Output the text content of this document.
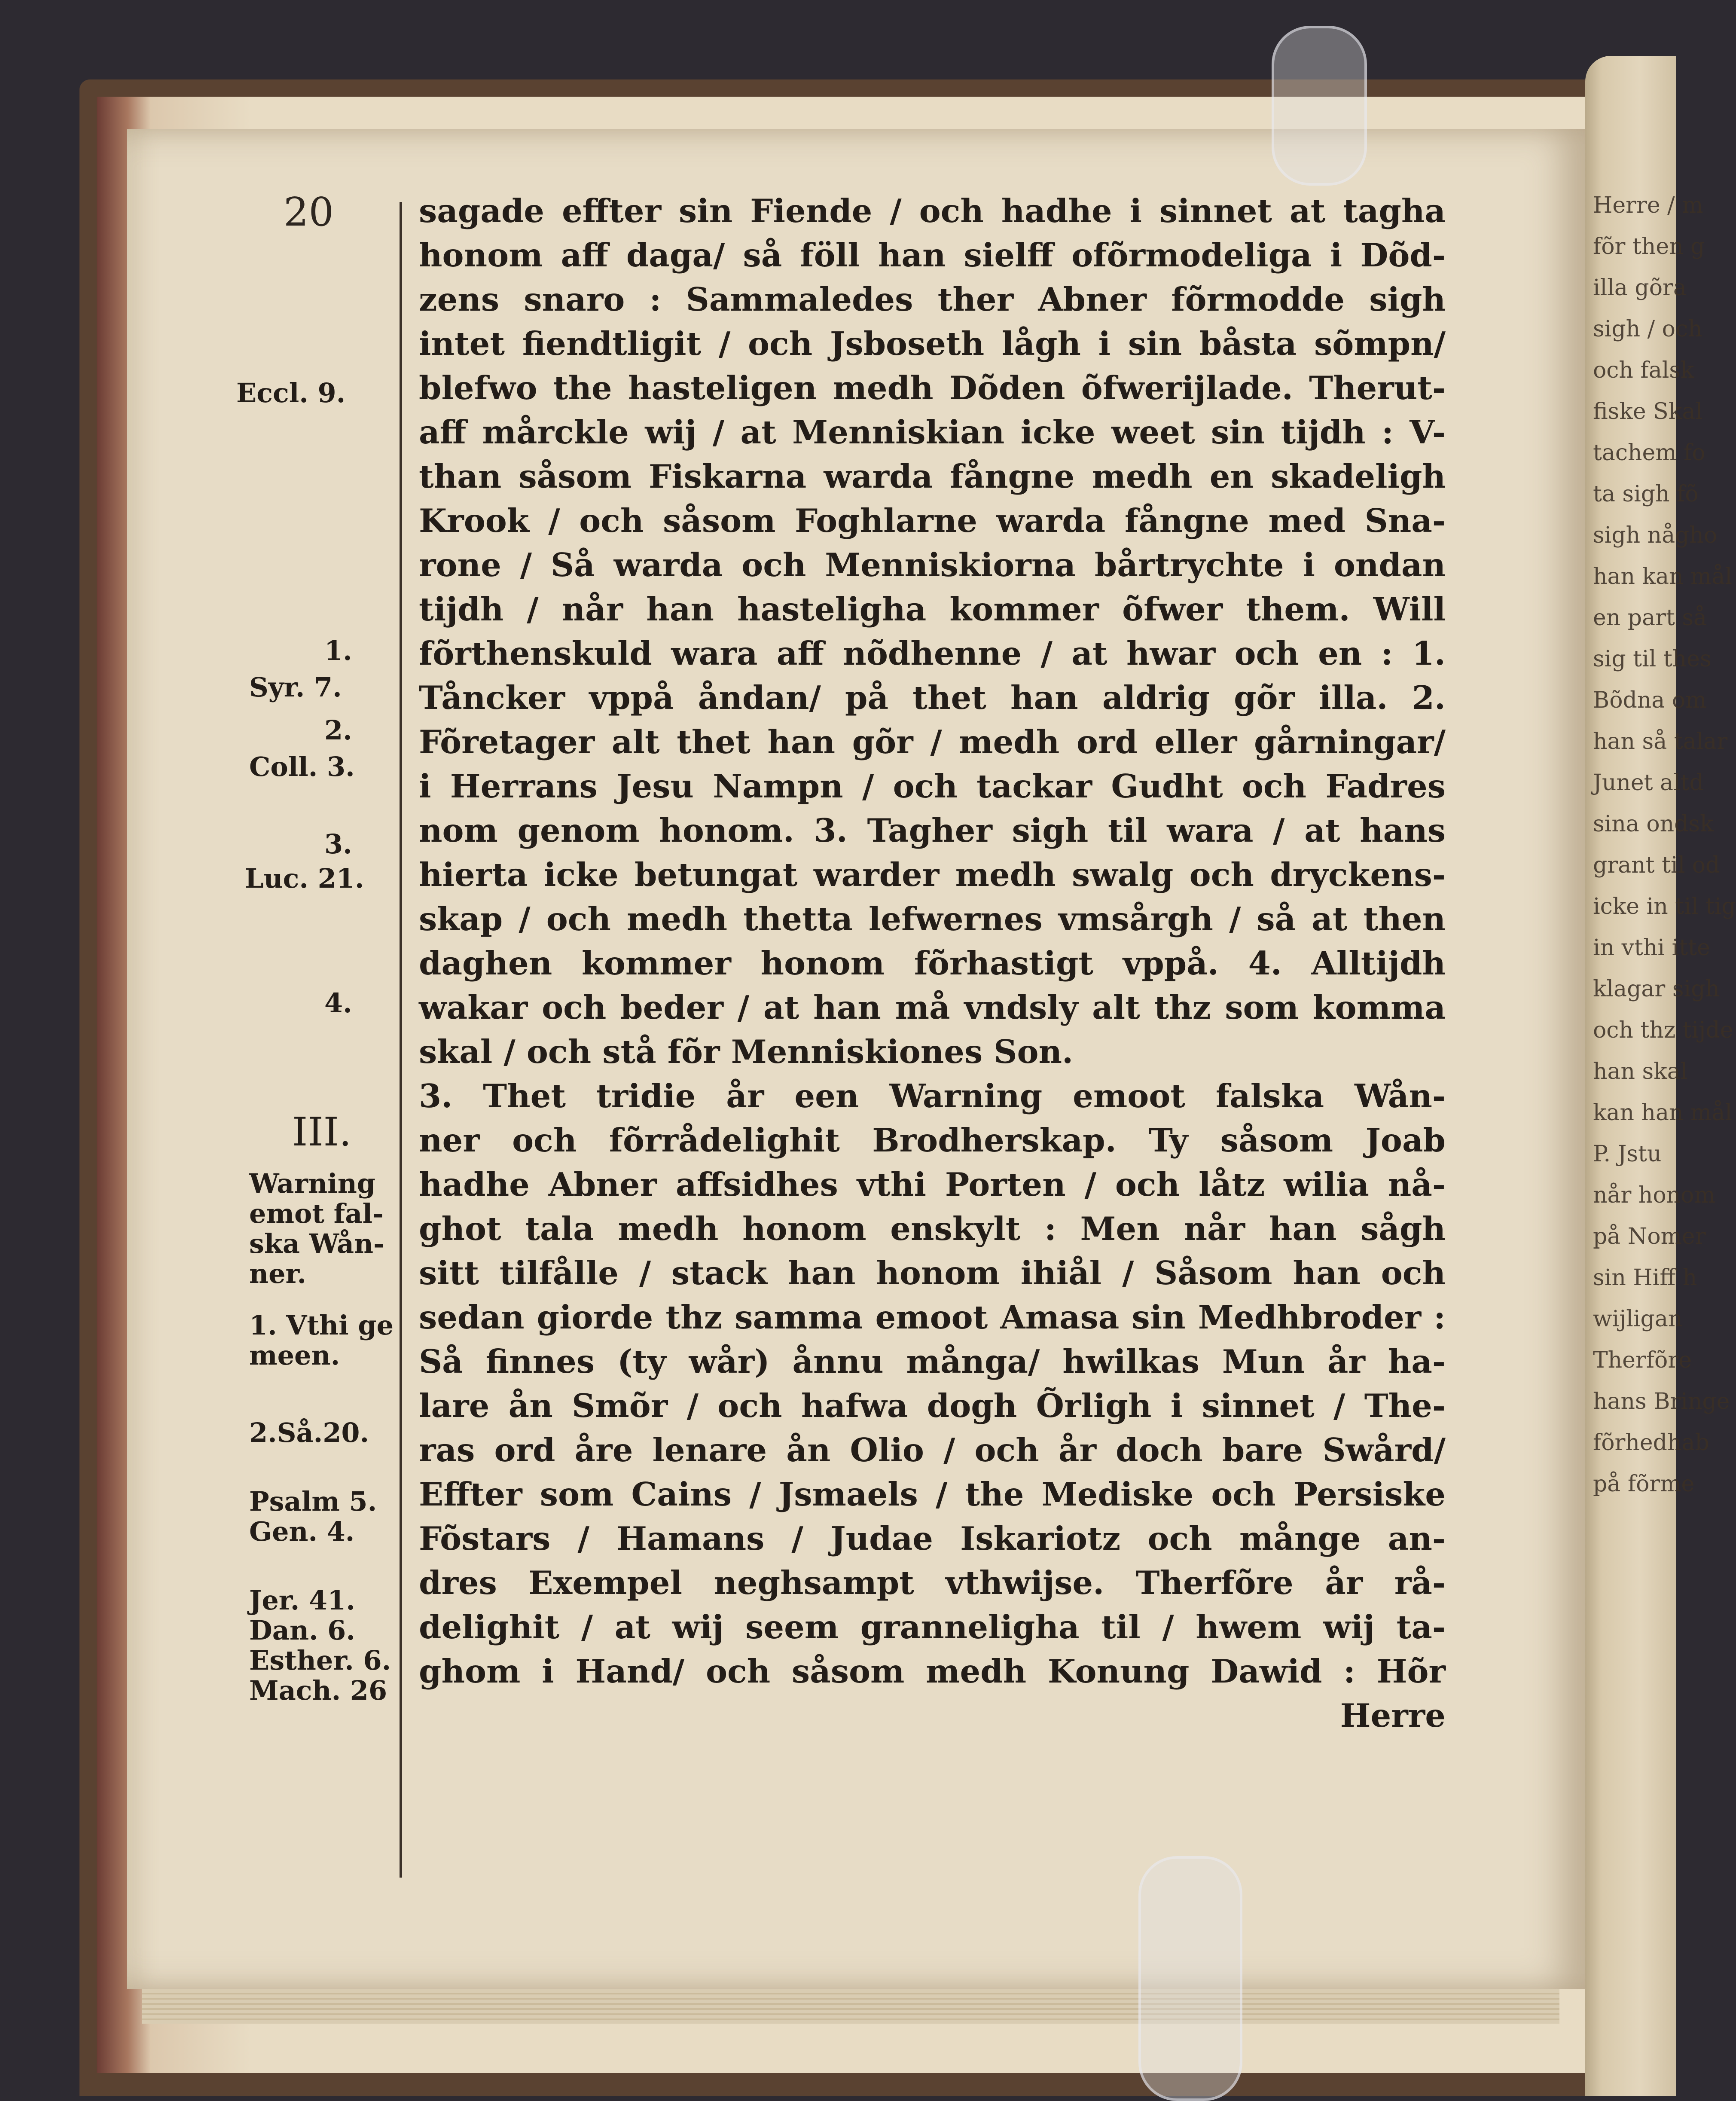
20	sagade effter sin Fiende / och hadhe i sinnet at tagha
honom aff daga/ så föll han sielff ofõrmodeliga i Dõd-
zens snaro : Sammaledes ther Abner fõrmodde sigh
intet fiendtligit / och Jsboseth lågh i sin båsta sõmpn/
blefwo the hasteligen medh Dõden õfwerijlade. Therut-
aff mårckle wij / at Menniskian icke weet sin tijdh : V-
than såsom Fiskarna warda fångne medh en skadeligh
Krook / och såsom Foghlarne warda fångne med Sna-
rone / Så warda och Menniskiorna bårtrychte i ondan
tijdh / når han hasteligha kommer õfwer them. Will
fõrthenskuld wara aff nõdhenne / at hwar och en : 1.
Tåncker vppå åndan/ på thet han aldrig gõr illa. 2.
Fõretager alt thet han gõr / medh ord eller gårningar/
i Herrans Jesu Nampn / och tackar Gudht och Fadres
nom genom honom. 3. Tagher sigh til wara / at hans
hierta icke betungat warder medh swalg och dryckens-
skap / och medh thetta lefwernes vmsårgh / så at then
daghen kommer honom fõrhastigt vppå. 4. Alltijdh
wakar och beder / at han må vndsly alt thz som komma
skal / och stå fõr Menniskiones Son.
3. Thet tridie år een Warning emoot falska Wån-
ner och fõrrådelighit Brodherskap. Ty såsom Joab
hadhe Abner affsidhes vthi Porten / och låtz wilia nå-
ghot tala medh honom enskylt : Men når han sågh
sitt tilfålle / stack han honom ihiål / Såsom han och
sedan giorde thz samma emoot Amasa sin Medhbroder :
Så finnes (ty wår) ånnu många/ hwilkas Mun år ha-
lare ån Smõr / och hafwa dogh Õrligh i sinnet / The-
ras ord åre lenare ån Olio / och år doch bare Swård/
Effter som Cains / Jsmaels / the Mediske och Persiske
Fõstars / Hamans / Judae Iskariotz och månge an-
dres Exempel neghsampt vthwijse. Therfõre år rå-
delighit / at wij seem grannelighа til / hwem wij ta-
ghom i Hand/ och såsom medh Konung Dawid : Hõr
Herre
Eccl. 9.
1.
Syr. 7.
2.
Coll. 3.
3.
Luc. 21.
4.
III.
Warning
emot fal-
ska Wån-
ner.
1. Vthi ge
meen.
2.Så.20.
Psalm 5.
Gen. 4.
Jer. 41.
Dan. 6.
Esther. 6.
Mach. 26
Herre / m
fõr then g
illa gõra
sigh / och
och falsk
fiske Skal
tachem fo
ta sigh fõ
sigh någho
han kan mål
en part så
sig til thes
Bõdna om
han så talar
Junet altd
sina ondsk
grant til od
icke in til tig
in vthi itte
klagar sigh
och thz tijde
han skal
kan han mål
P. Jstu
når honom
på Nomer
sin Hiff h
wijligan
Therfõre
hans Bringe
fõrhedhab
på fõrme
